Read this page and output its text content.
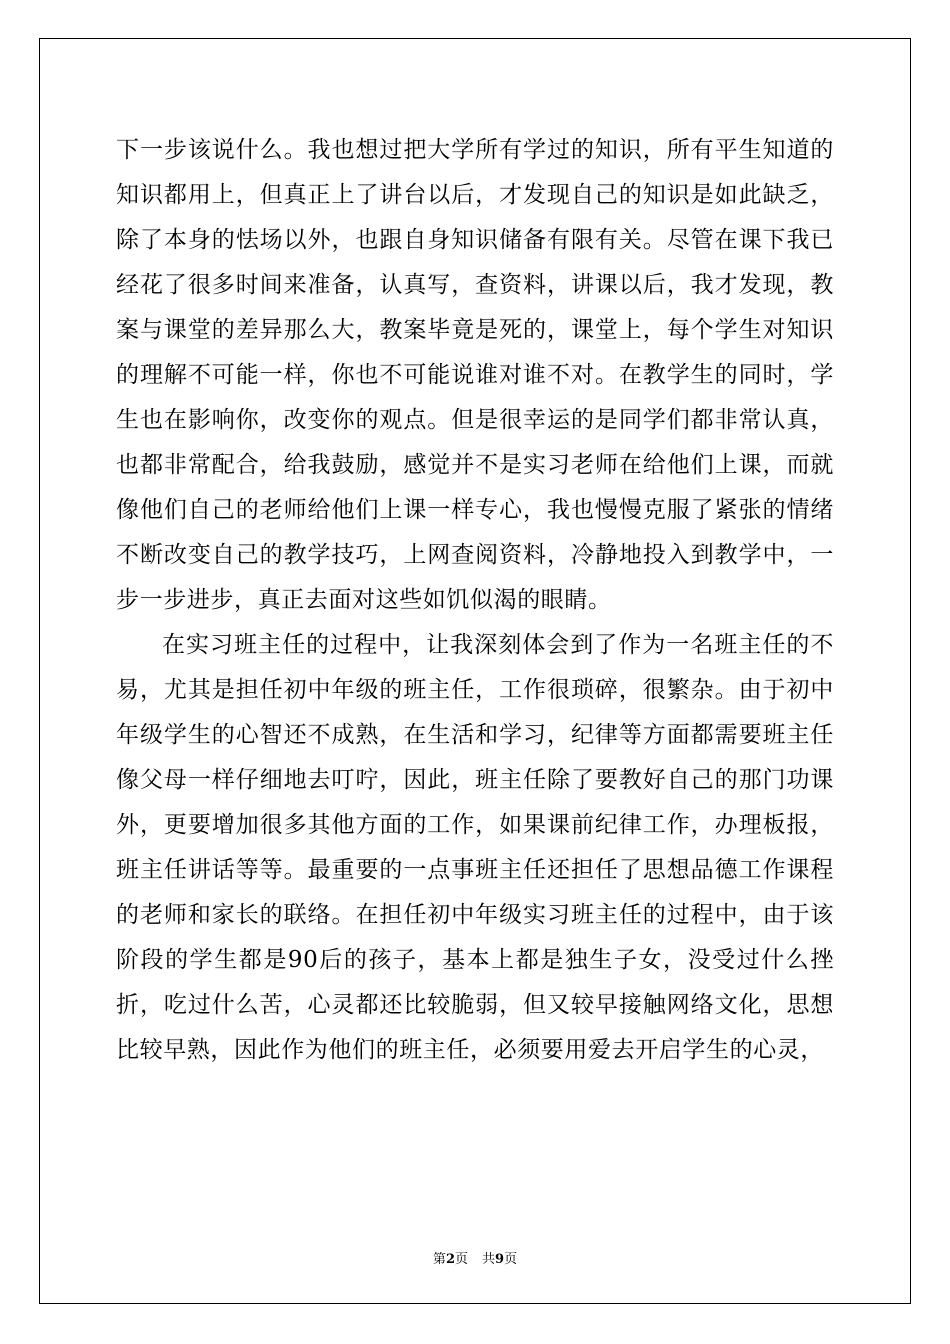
下一步该说什么。我也想过把大学所有学过的知识，所有平生知道的知识都用上，但真正上了讲台以后，才发现自己的知识是如此缺乏，除了本身的怯场以外，也跟自身知识储备有限有关。尽管在课下我已经花了很多时间来准备，认真写，查资料，讲课以后，我才发现，教案与课堂的差异那么大，教案毕竟是死的，课堂上，每个学生对知识的理解不可能一样，你也不可能说谁对谁不对。在教学生的同时，学生也在影响你，改变你的观点。但是很幸运的是同学们都非常认真，也都非常配合，给我鼓励，感觉并不是实习老师在给他们上课，而就像他们自己的老师给他们上课一样专心，我也慢慢克服了紧张的情绪不断改变自己的教学技巧，上网查阅资料，冷静地投入到教学中，一步一步进步，真正去面对这些如饥似渴的眼睛。

在实习班主任的过程中，让我深刻体会到了作为一名班主任的不易，尤其是担任初中年级的班主任，工作很琐碎，很繁杂。由于初中年级学生的心智还不成熟，在生活和学习，纪律等方面都需要班主任像父母一样仔细地去叮咛，因此，班主任除了要教好自己的那门功课外，更要增加很多其他方面的工作，如果课前纪律工作，办理板报，班主任讲话等等。最重要的一点事班主任还担任了思想品德工作课程的老师和家长的联络。在担任初中年级实习班主任的过程中，由于该阶段的学生都是90后的孩子，基本上都是独生子女，没受过什么挫折，吃过什么苦，心灵都还比较脆弱，但又较早接触网络文化，思想比较早熟，因此作为他们的班主任，必须要用爱去开启学生的心灵，

第2页 共9页
